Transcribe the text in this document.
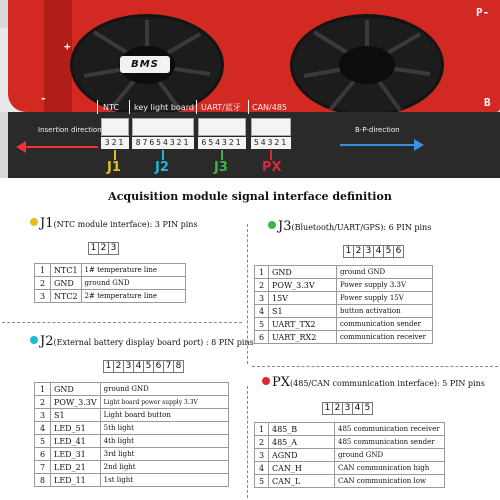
+
-
P-
B
BMS
NTC key light board UART/蓝牙 CAN/485
321	87654321	654321	54321
J1	J2	J3	PX
Insertion direction	B-P-direction
Acquisition module signal interface definition
J1(NTC module interface): 3 PIN pins
1 2 3
1	NTC1	1# temperature line
2	GND	ground GND
3	NTC2	2# temperature line
J2(External battery display board port) : 8 PIN pins
1 2 3 4 5 6 7 8
1	GND	ground GND
2	POW_3.3V	Light board power supply 3.3V
3	S1	Light board button
4	LED_51	5th light
5	LED_41	4th light
6	LED_31	3rd light
7	LED_21	2nd light
8	LED_11	1st light
J3(Bluetooth/UART/GPS): 6 PIN pins
1 2 3 4 5 6
1	GND	ground GND
2	POW_3.3V	Power supply 3.3V
3	15V	Power supply 15V
4	S1	button activation
5	UART_TX2	communication sender
6	UART_RX2	communication receiver
PX(485/CAN communication interface): 5 PIN pins
1 2 3 4 5
1	485_B	485 communication receiver
2	485_A	485 communication sender
3	AGND	ground GND
4	CAN_H	CAN communication high
5	CAN_L	CAN communication low
